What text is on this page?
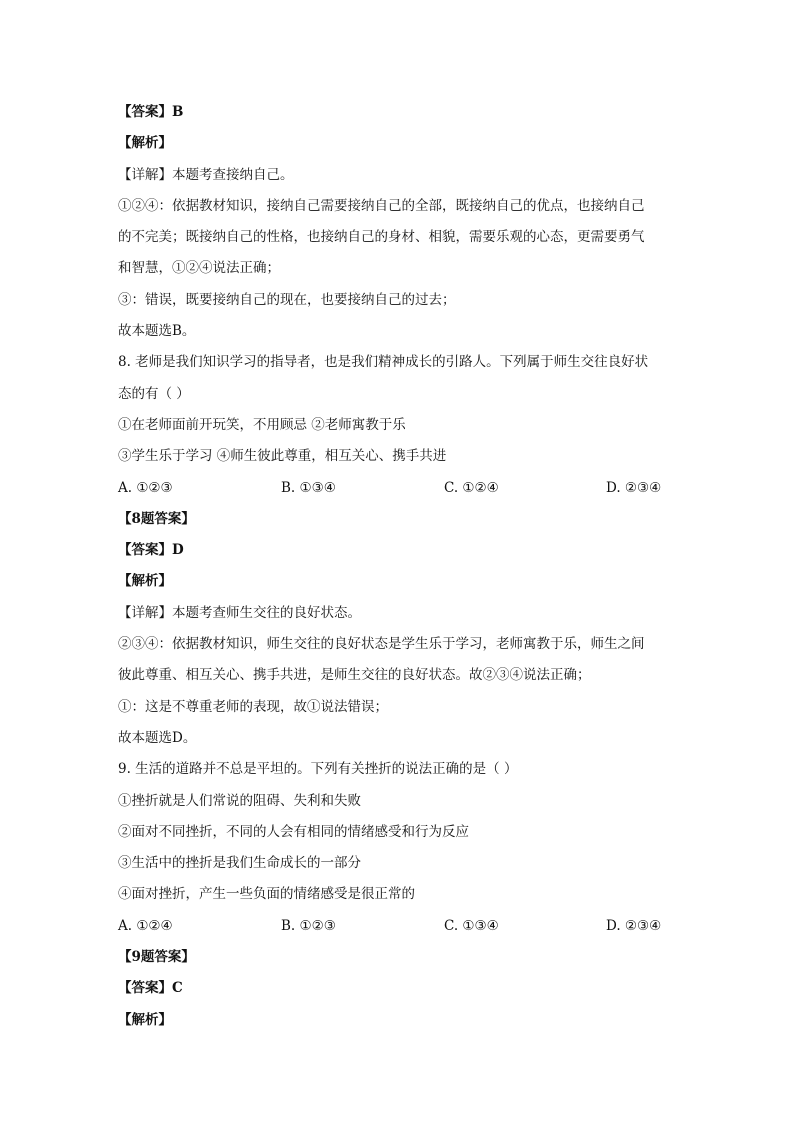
【答案】B
【解析】
【详解】本题考查接纳自己。
①②④：依据教材知识，接纳自己需要接纳自己的全部，既接纳自己的优点，也接纳自己
的不完美；既接纳自己的性格，也接纳自己的身材、相貌，需要乐观的心态，更需要勇气
和智慧，①②④说法正确；
③：错误，既要接纳自己的现在，也要接纳自己的过去；
故本题选B。
8. 老师是我们知识学习的指导者，也是我们精神成长的引路人。下列属于师生交往良好状
态的有（ ）
①在老师面前开玩笑，不用顾忌 ②老师寓教于乐
③学生乐于学习 ④师生彼此尊重，相互关心、携手共进
A. ①②③	B. ①③④	C. ①②④	D. ②③④
【8题答案】
【答案】D
【解析】
【详解】本题考查师生交往的良好状态。
②③④：依据教材知识，师生交往的良好状态是学生乐于学习，老师寓教于乐，师生之间
彼此尊重、相互关心、携手共进，是师生交往的良好状态。故②③④说法正确；
①：这是不尊重老师的表现，故①说法错误；
故本题选D。
9. 生活的道路并不总是平坦的。下列有关挫折的说法正确的是（ ）
①挫折就是人们常说的阻碍、失利和失败
②面对不同挫折，不同的人会有相同的情绪感受和行为反应
③生活中的挫折是我们生命成长的一部分
④面对挫折，产生一些负面的情绪感受是很正常的
A. ①②④	B. ①②③	C. ①③④	D. ②③④
【9题答案】
【答案】C
【解析】
